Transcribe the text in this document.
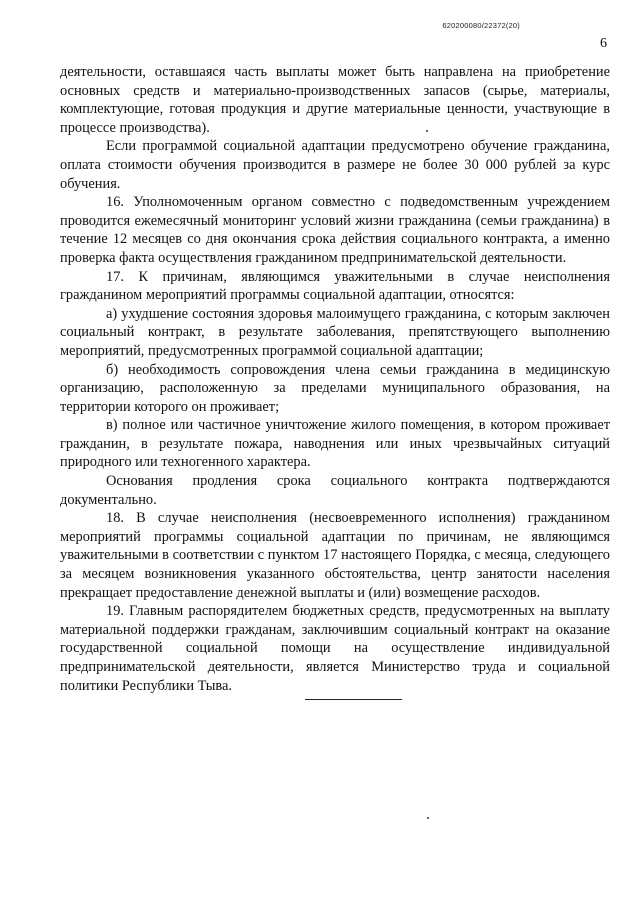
620200080/22372(20)
6

деятельности, оставшаяся часть выплаты может быть направлена на приобретение основных средств и материально-производственных запасов (сырье, материалы, комплектующие, готовая продукция и другие материальные ценности, участвующие в процессе производства).

Если программой социальной адаптации предусмотрено обучение гражданина, оплата стоимости обучения производится в размере не более 30 000 рублей за курс обучения.

16. Уполномоченным органом совместно с подведомственным учреждением проводится ежемесячный мониторинг условий жизни гражданина (семьи гражданина) в течение 12 месяцев со дня окончания срока действия социального контракта, а именно проверка факта осуществления гражданином предпринимательской деятельности.

17. К причинам, являющимся уважительными в случае неисполнения гражданином мероприятий программы социальной адаптации, относятся:

а) ухудшение состояния здоровья малоимущего гражданина, с которым заключен социальный контракт, в результате заболевания, препятствующего выполнению мероприятий, предусмотренных программой социальной адаптации;

б) необходимость сопровождения члена семьи гражданина в медицинскую организацию, расположенную за пределами муниципального образования, на территории которого он проживает;

в) полное или частичное уничтожение жилого помещения, в котором проживает гражданин, в результате пожара, наводнения или иных чрезвычайных ситуаций природного или техногенного характера.

Основания продления срока социального контракта подтверждаются документально.

18. В случае неисполнения (несвоевременного исполнения) гражданином мероприятий программы социальной адаптации по причинам, не являющимся уважительными в соответствии с пунктом 17 настоящего Порядка, с месяца, следующего за месяцем возникновения указанного обстоятельства, центр занятости населения прекращает предоставление денежной выплаты и (или) возмещение расходов.

19. Главным распорядителем бюджетных средств, предусмотренных на выплату материальной поддержки гражданам, заключившим социальный контракт на оказание государственной социальной помощи на осуществление индивидуальной предпринимательской деятельности, является Министерство труда и социальной политики Республики Тыва.
